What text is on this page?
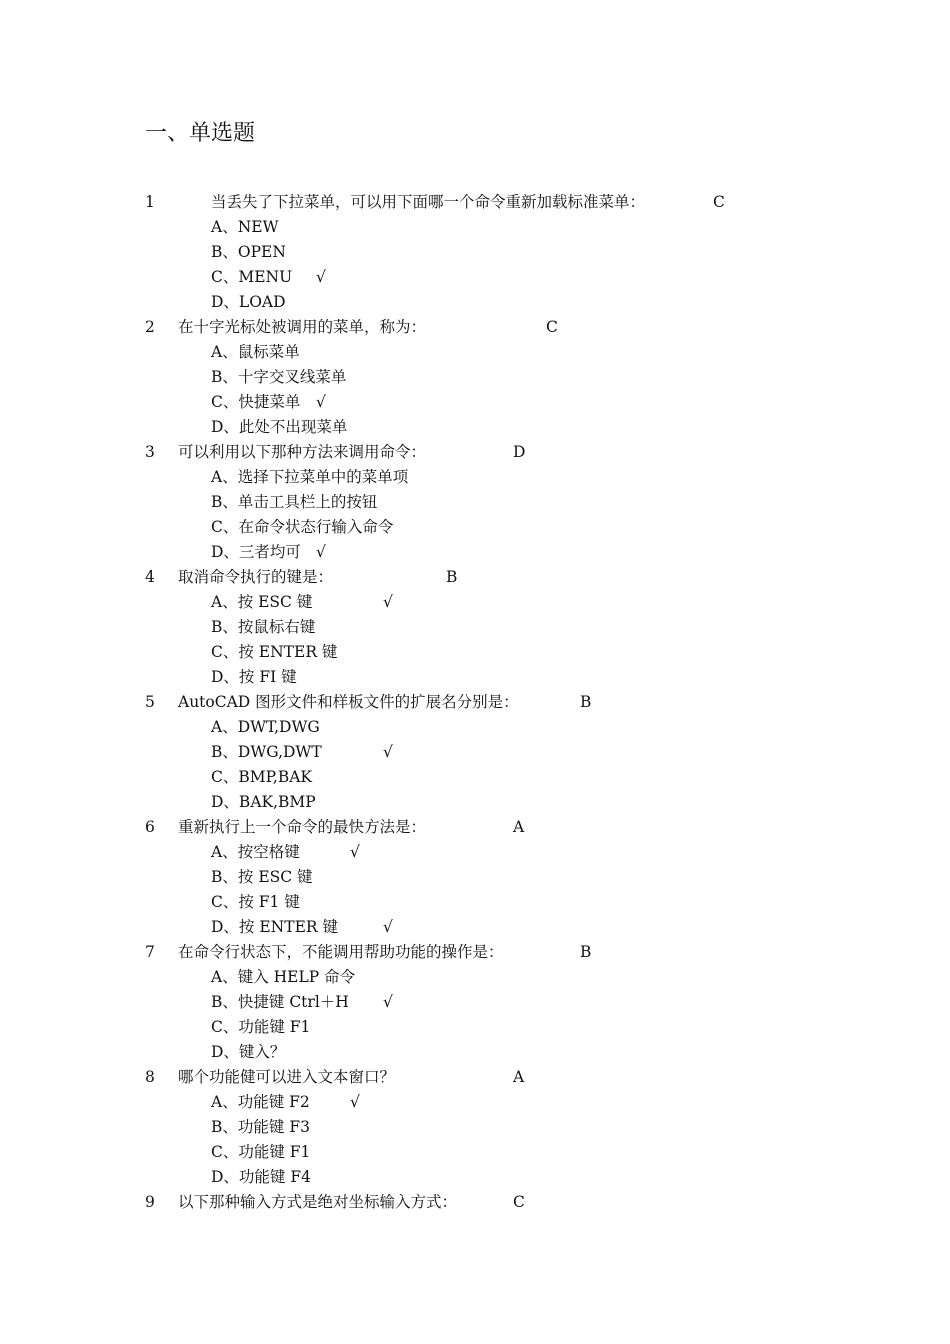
一、单选题
1	当丢失了下拉菜单，可以用下面哪一个命令重新加载标准菜单：	C
A、NEW
B、OPEN
C、MENU √
D、LOAD
2 在十字光标处被调用的菜单，称为：	C
A、鼠标菜单
B、十字交叉线菜单
C、快捷菜单 √
D、此处不出现菜单
3 可以利用以下那种方法来调用命令：	D
A、选择下拉菜单中的菜单项
B、单击工具栏上的按钮
C、在命令状态行输入命令
D、三者均可 √
4 取消命令执行的键是：	B
A、按 ESC 键	√
B、按鼠标右键
C、按 ENTER 键
D、按 FI 键
5 AutoCAD 图形文件和样板文件的扩展名分别是：	B
A、DWT,DWG
B、DWG,DWT	√
C、BMP,BAK
D、BAK,BMP
6 重新执行上一个命令的最快方法是：	A
A、按空格键	√
B、按 ESC 键
C、按 F1 键
D、按 ENTER 键	√
7 在命令行状态下，不能调用帮助功能的操作是：	B
A、键入 HELP 命令
B、快捷键 Ctrl＋H √
C、功能键 F1
D、键入？
8 哪个功能健可以进入文本窗口？	A
A、功能键 F2	√
B、功能键 F3
C、功能键 F1
D、功能键 F4
9 以下那种输入方式是绝对坐标输入方式：	C
